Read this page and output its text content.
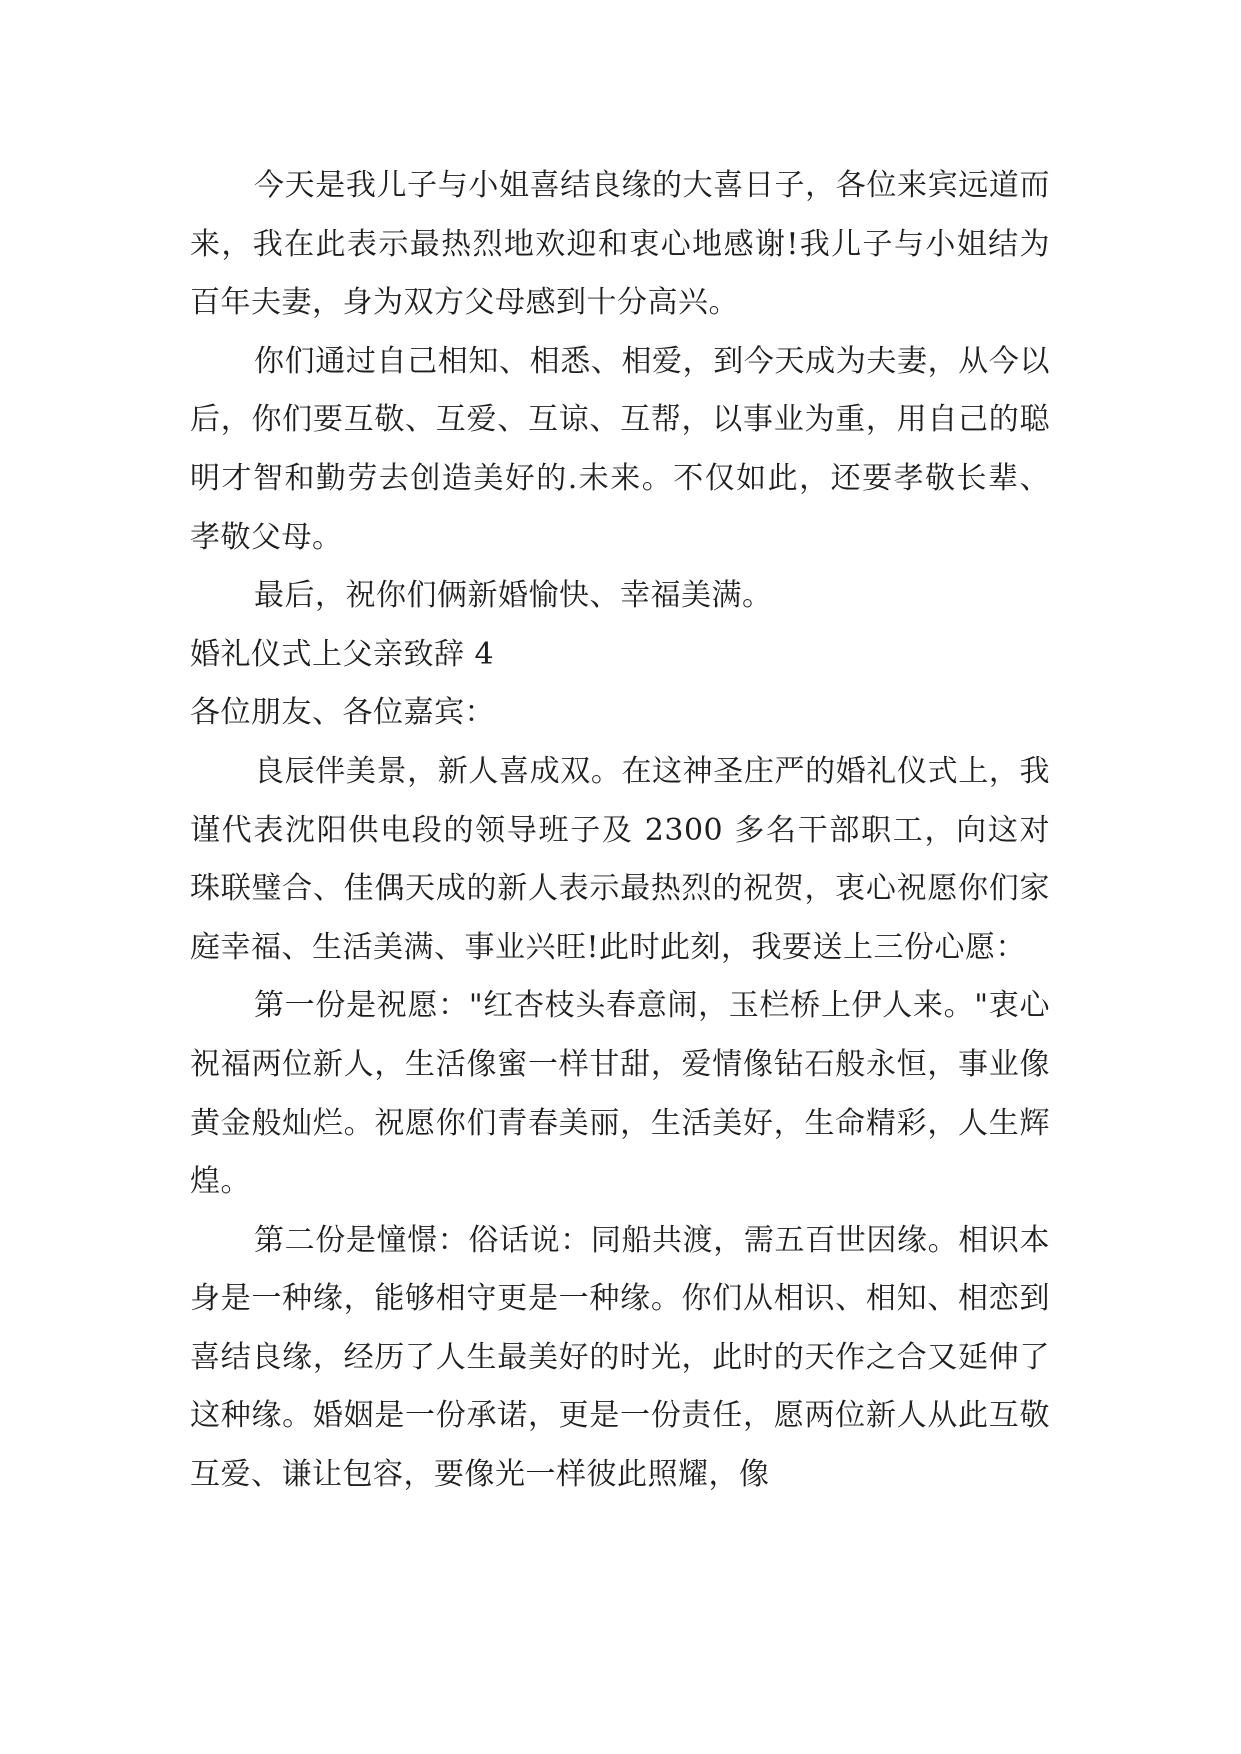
今天是我儿子与小姐喜结良缘的大喜日子，各位来宾远道而来，我在此表示最热烈地欢迎和衷心地感谢!我儿子与小姐结为百年夫妻，身为双方父母感到十分高兴。

你们通过自己相知、相悉、相爱，到今天成为夫妻，从今以后，你们要互敬、互爱、互谅、互帮，以事业为重，用自己的聪明才智和勤劳去创造美好的.未来。不仅如此，还要孝敬长辈、孝敬父母。

最后，祝你们俩新婚愉快、幸福美满。

婚礼仪式上父亲致辞 4

各位朋友、各位嘉宾：

良辰伴美景，新人喜成双。在这神圣庄严的婚礼仪式上，我谨代表沈阳供电段的领导班子及 2300 多名干部职工，向这对珠联璧合、佳偶天成的新人表示最热烈的祝贺，衷心祝愿你们家庭幸福、生活美满、事业兴旺!此时此刻，我要送上三份心愿：

第一份是祝愿："红杏枝头春意闹，玉栏桥上伊人来。"衷心祝福两位新人，生活像蜜一样甘甜，爱情像钻石般永恒，事业像黄金般灿烂。祝愿你们青春美丽，生活美好，生命精彩，人生辉煌。

第二份是憧憬：俗话说：同船共渡，需五百世因缘。相识本身是一种缘，能够相守更是一种缘。你们从相识、相知、相恋到喜结良缘，经历了人生最美好的时光，此时的天作之合又延伸了这种缘。婚姻是一份承诺，更是一份责任，愿两位新人从此互敬互爱、谦让包容，要像光一样彼此照耀，像
